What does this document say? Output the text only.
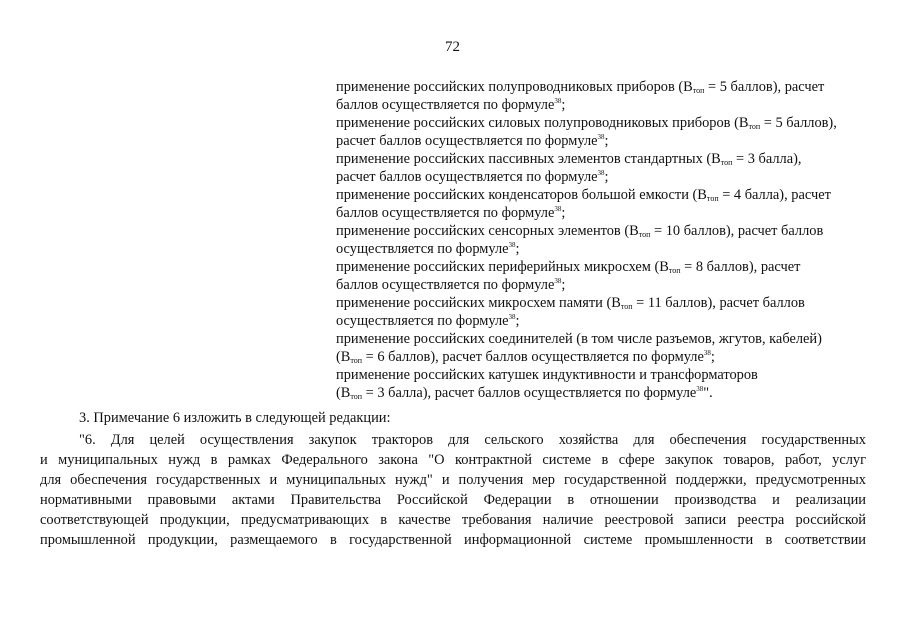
72
применение российских полупроводниковых приборов ($В_{топ} = 5$ баллов), расчет
баллов осуществляется по формуле$^{38}$;
применение российских силовых полупроводниковых приборов ($В_{топ} = 5$ баллов),
расчет баллов осуществляется по формуле$^{38}$;
применение российских пассивных элементов стандартных ($В_{топ} = 3$ балла),
расчет баллов осуществляется по формуле$^{38}$;
применение российских конденсаторов большой емкости ($В_{топ} = 4$ балла), расчет
баллов осуществляется по формуле$^{38}$;
применение российских сенсорных элементов ($В_{топ} = 10$ баллов), расчет баллов
осуществляется по формуле$^{38}$;
применение российских периферийных микросхем ($В_{топ} = 8$ баллов), расчет
баллов осуществляется по формуле$^{38}$;
применение российских микросхем памяти ($В_{топ} = 11$ баллов), расчет баллов
осуществляется по формуле$^{38}$;
применение российских соединителей (в том числе разъемов, жгутов, кабелей)
($В_{топ} = 6$ баллов), расчет баллов осуществляется по формуле$^{38}$;
применение российских катушек индуктивности и трансформаторов
($В_{топ} = 3$ балла), расчет баллов осуществляется по формуле$^{38}$".
3. Примечание 6 изложить в следующей редакции:
"6. Для целей осуществления закупок тракторов для сельского хозяйства для обеспечения государственных
и муниципальных нужд в рамках Федерального закона "О контрактной системе в сфере закупок товаров, работ, услуг
для обеспечения государственных и муниципальных нужд" и получения мер государственной поддержки, предусмотренных
нормативными правовыми актами Правительства Российской Федерации в отношении производства и реализации
соответствующей продукции, предусматривающих в качестве требования наличие реестровой записи реестра российской
промышленной продукции, размещаемого в государственной информационной системе промышленности в соответствии
